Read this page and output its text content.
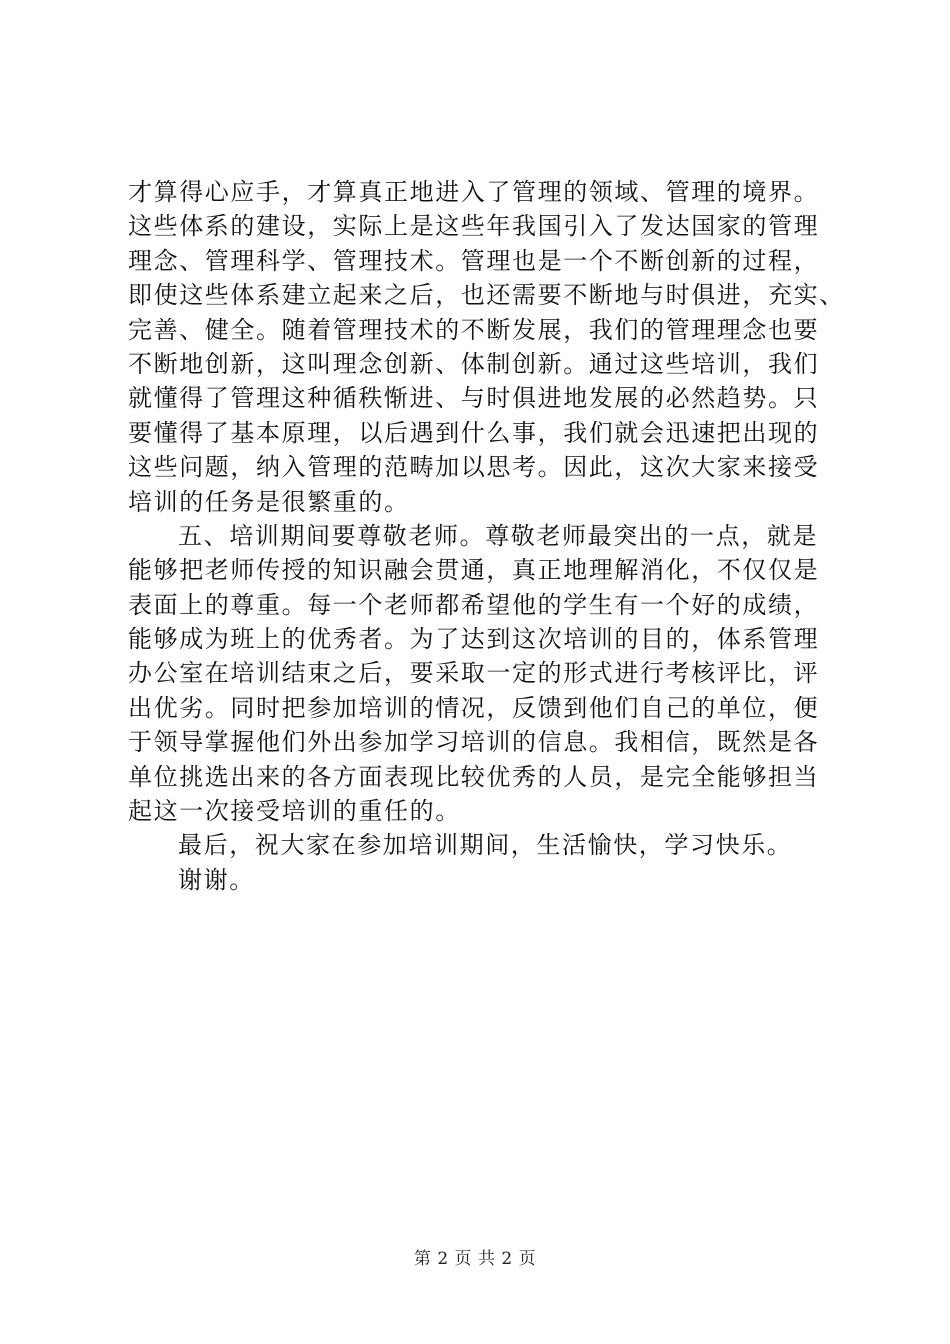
才算得心应手，才算真正地进入了管理的领域、管理的境界。
这些体系的建设，实际上是这些年我国引入了发达国家的管理
理念、管理科学、管理技术。管理也是一个不断创新的过程，
即使这些体系建立起来之后，也还需要不断地与时俱进，充实、
完善、健全。随着管理技术的不断发展，我们的管理理念也要
不断地创新，这叫理念创新、体制创新。通过这些培训，我们
就懂得了管理这种循秩惭进、与时俱进地发展的必然趋势。只
要懂得了基本原理，以后遇到什么事，我们就会迅速把出现的
这些问题，纳入管理的范畴加以思考。因此，这次大家来接受
培训的任务是很繁重的。
五、培训期间要尊敬老师。尊敬老师最突出的一点，就是
能够把老师传授的知识融会贯通，真正地理解消化，不仅仅是
表面上的尊重。每一个老师都希望他的学生有一个好的成绩，
能够成为班上的优秀者。为了达到这次培训的目的，体系管理
办公室在培训结束之后，要采取一定的形式进行考核评比，评
出优劣。同时把参加培训的情况，反馈到他们自己的单位，便
于领导掌握他们外出参加学习培训的信息。我相信，既然是各
单位挑选出来的各方面表现比较优秀的人员，是完全能够担当
起这一次接受培训的重任的。
最后，祝大家在参加培训期间，生活愉快，学习快乐。
谢谢。
第 2 页 共 2 页
